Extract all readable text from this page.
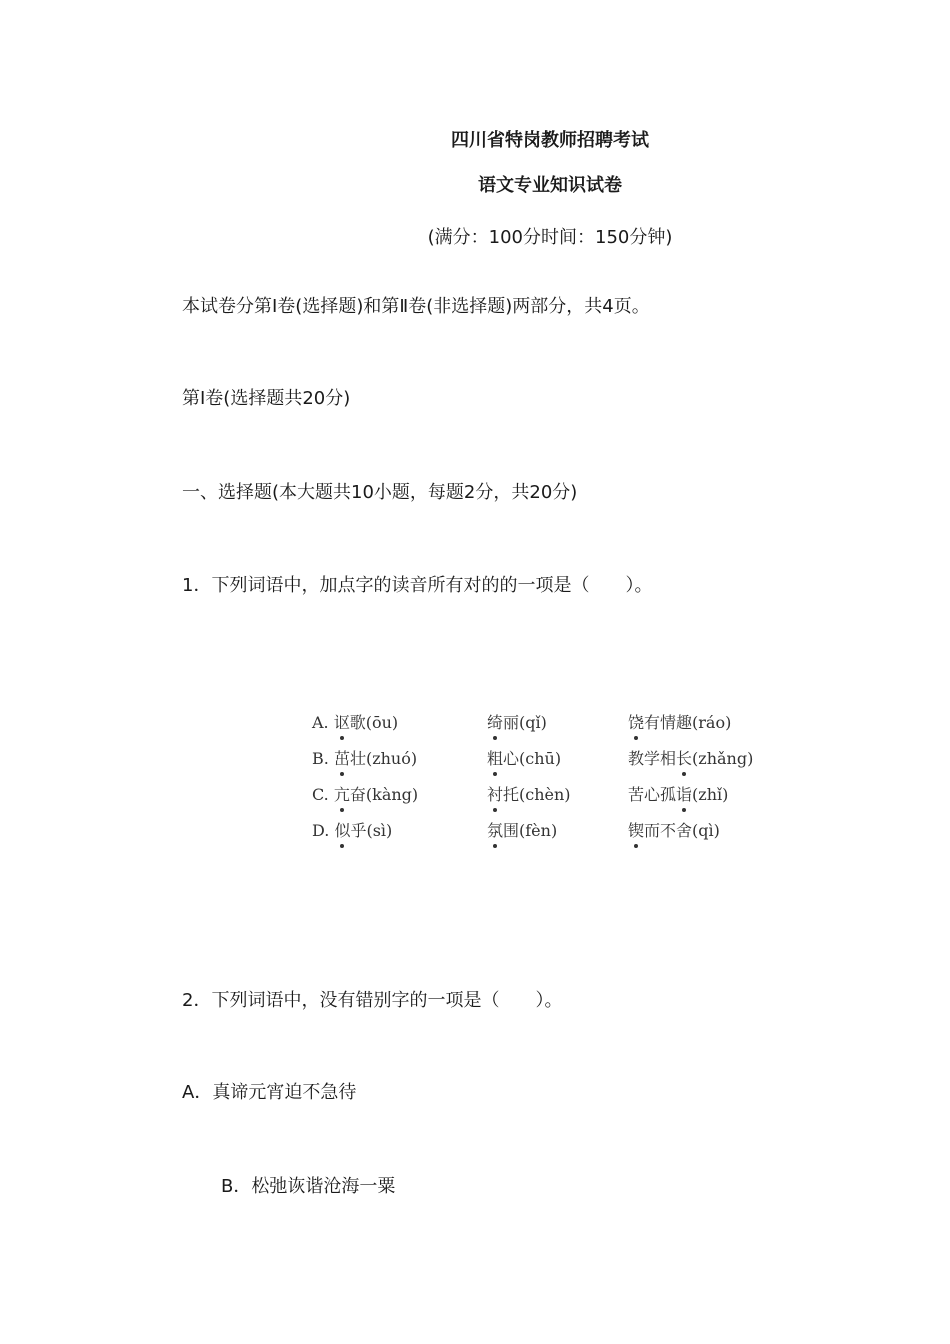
四川省特岗教师招聘考试
语文专业知识试卷
(满分：100分时间：150分钟)
本试卷分第Ⅰ卷(选择题)和第Ⅱ卷(非选择题)两部分，共4页。
第Ⅰ卷(选择题共20分)
一、选择题(本大题共10小题，每题2分，共20分)
1．下列词语中，加点字的读音所有对的的一项是（　　）。
A. 讴歌(ōu)	绮丽(qǐ)	饶有情趣(ráo)
B. 茁壮(zhuó)	粗心(chū)	教学相长(zhǎng)
C. 亢奋(kàng)	衬托(chèn)	苦心孤诣(zhǐ)
D. 似乎(sì)	氛围(fèn)	锲而不舍(qì)
2．下列词语中，没有错别字的一项是（　　）。
A．真谛元宵迫不急待
B．松弛诙谐沧海一粟
